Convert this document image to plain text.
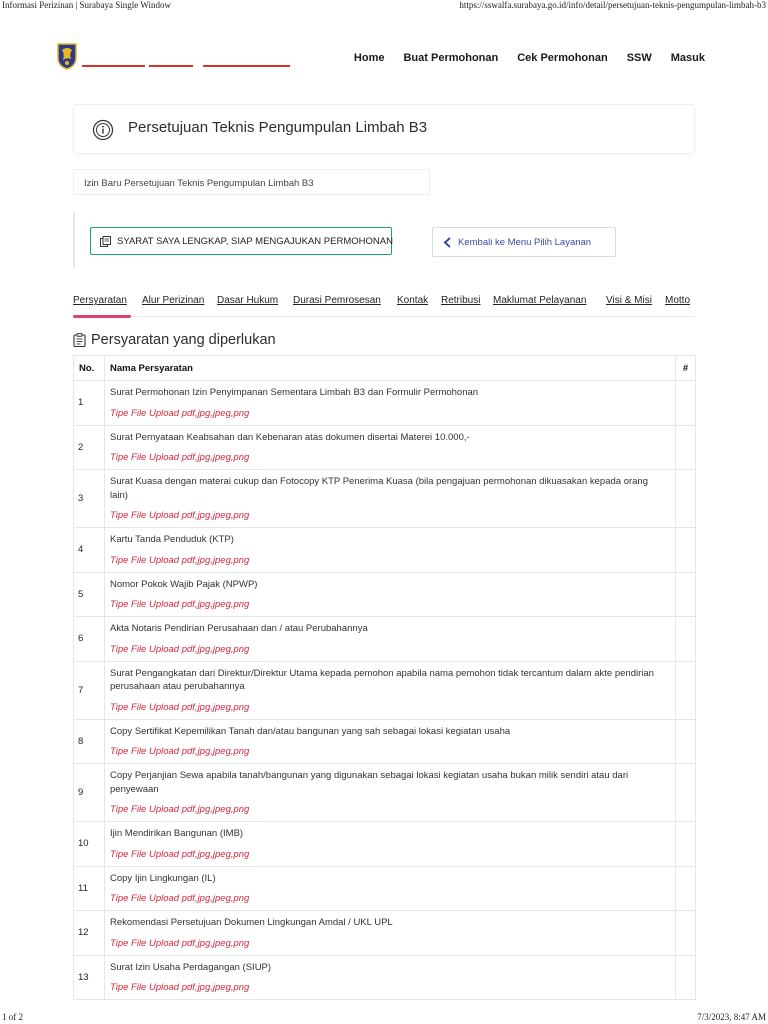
Informasi Perizinan | Surabaya Single Window	https://sswalfa.surabaya.go.id/info/detail/persetujuan-teknis-pengumpulan-limbah-b3
Home Buat Permohonan Cek Permohonan SSW Masuk
Persetujuan Teknis Pengumpulan Limbah B3
Izin Baru Persetujuan Teknis Pengumpulan Limbah B3
SYARAT SAYA LENGKAP, SIAP MENGAJUKAN PERMOHONAN	Kembali ke Menu Pilih Layanan
Persyaratan Alur Perizinan Dasar Hukum Durasi Pemrosesan Kontak Retribusi Maklumat Pelayanan Visi & Misi Motto
Persyaratan yang diperlukan
No.	Nama Persyaratan	#
1	Surat Permohonan Izin Penyimpanan Sementara Limbah B3 dan Formulir Permohonan
Tipe File Upload pdf,jpg,jpeg,png	

2	Surat Pernyataan Keabsahan dan Kebenaran atas dokumen disertai Materei 10.000,-
Tipe File Upload pdf,jpg,jpeg,png	

3	Surat Kuasa dengan materai cukup dan Fotocopy KTP Penerima Kuasa (bila pengajuan permohonan dikuasakan kepada orang lain)
Tipe File Upload pdf,jpg,jpeg,png	

4	Kartu Tanda Penduduk (KTP)
Tipe File Upload pdf,jpg,jpeg,png	

5	Nomor Pokok Wajib Pajak (NPWP)
Tipe File Upload pdf,jpg,jpeg,png	

6	Akta Notaris Pendirian Perusahaan dan / atau Perubahannya
Tipe File Upload pdf,jpg,jpeg,png	

7	Surat Pengangkatan dari Direktur/Direktur Utama kepada pemohon apabila nama pemohon tidak tercantum dalam akte pendirian perusahaan atau perubahannya
Tipe File Upload pdf,jpg,jpeg,png	

8	Copy Sertifikat Kepemilikan Tanah dan/atau bangunan yang sah sebagai lokasi kegiatan usaha
Tipe File Upload pdf,jpg,jpeg,png	

9	Copy Perjanjian Sewa apabila tanah/bangunan yang digunakan sebagai lokasi kegiatan usaha bukan milik sendiri atau dari penyewaan
Tipe File Upload pdf,jpg,jpeg,png	

10	Ijin Mendirikan Bangunan (IMB)
Tipe File Upload pdf,jpg,jpeg,png	

11	Copy Ijin Lingkungan (IL)
Tipe File Upload pdf,jpg,jpeg,png	

12	Rekomendasi Persetujuan Dokumen Lingkungan Amdal / UKL UPL
Tipe File Upload pdf,jpg,jpeg,png	

13	Surat Izin Usaha Perdagangan (SIUP)
Tipe File Upload pdf,jpg,jpeg,png	

1 of 2	7/3/2023, 8:47 AM
